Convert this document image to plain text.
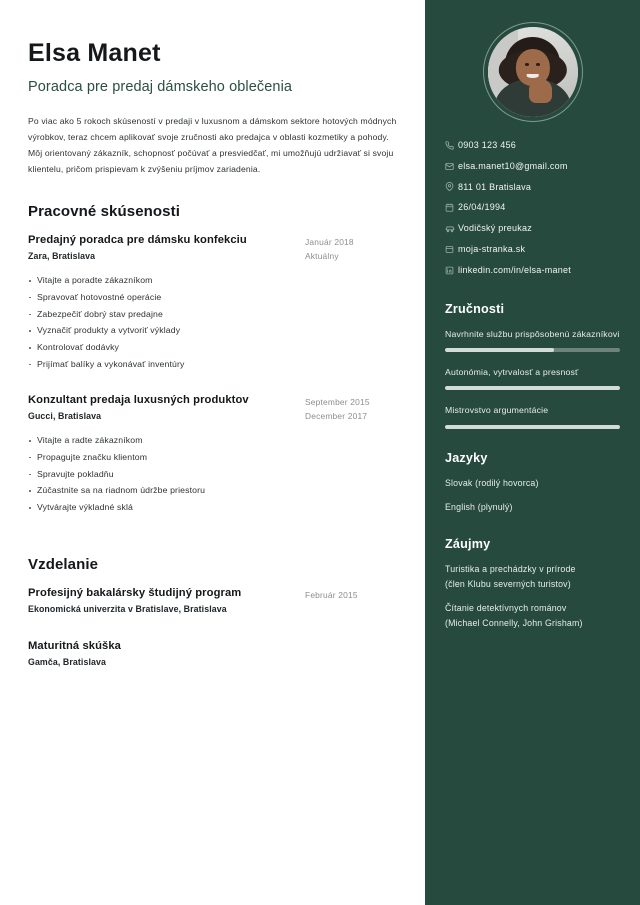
Elsa Manet
Poradca pre predaj dámskeho oblečenia

Po viac ako 5 rokoch skúseností v predaji v luxusnom a dámskom sektore hotových módnych výrobkov, teraz chcem aplikovať svoje zručnosti ako predajca v oblasti kozmetiky a pohody. Môj orientovaný zákazník, schopnosť počúvať a presviedčať, mi umožňujú udržiavať si svoju klientelu, pričom prispievam k zvýšeniu príjmov zariadenia.

Pracovné skúsenosti
Predajný poradca pre dámsku konfekciu
Zara, Bratislava
Január 2018
Aktuálny
Vitajte a poradte zákazníkom
Spravovať hotovostné operácie
Zabezpečiť dobrý stav predajne
Vyznačiť produkty a vytvoriť výklady
Kontrolovať dodávky
Prijímať balíky a vykonávať inventúry
Konzultant predaja luxusných produktov
Gucci, Bratislava
September 2015
December 2017
Vitajte a radte zákazníkom
Propagujte značku klientom
Spravujte pokladňu
Zúčastnite sa na riadnom údržbe priestoru
Vytvárajte výkladné sklá
Vzdelanie
Profesijný bakalársky študijný program
Ekonomická univerzita v Bratislave, Bratislava
Február 2015
Maturitná skúška
Gamča, Bratislava
0903 123 456
elsa.manet10@gmail.com
811 01 Bratislava
26/04/1994
Vodičský preukaz
moja-stranka.sk
linkedin.com/in/elsa-manet
Zručnosti
Navrhnite službu prispôsobenú zákazníkovi
Autonómia, vytrvalosť a presnosť
Mistrovstvo argumentácie
Jazyky
Slovak (rodilý hovorca)
English (plynulý)
Záujmy
Turistika a prechádzky v prírode
(člen Klubu severných turistov)
Čítanie detektívnych románov
(Michael Connelly, John Grisham)
